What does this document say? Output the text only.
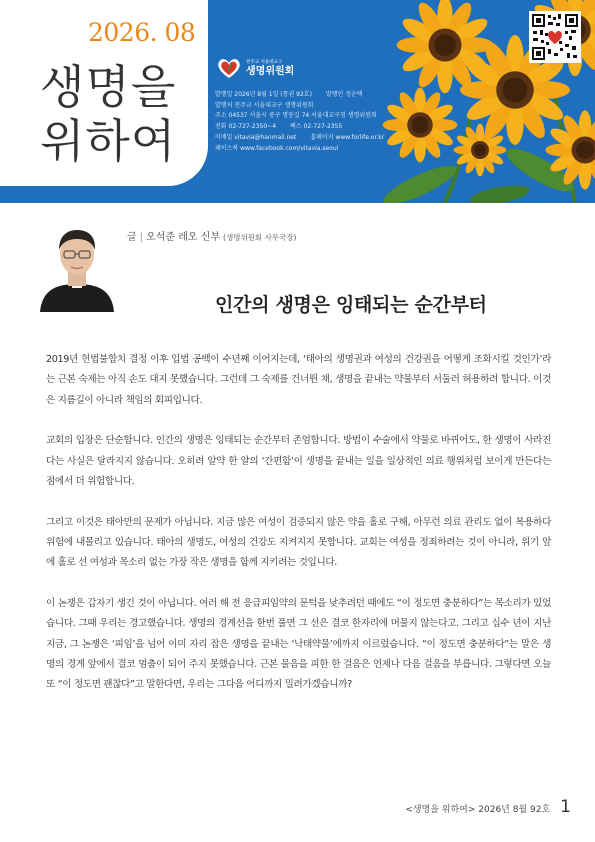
2026. 08
생명을
위하여
천주교 서울대교구
생명위원회
발행일 2026년 8월 1일 (통권 92호) 발행인 정순택
발행처 천주교 서울대교구 생명위원회
주소 04537 서울시 중구 명동길 74 서울대교구청 생명위원회
전화 02-727-2350~4 팩스 02-727-2355
이메일 vitavia@hanmail.net 홈페이지 www.forlife.or.kr
페이스북 www.facebook.com/vitavia.seoul
글 | 오석준 레오 신부 (생명위원회 사무국장)
인간의 생명은 잉태되는 순간부터

2019년 헌법불합치 결정 이후 입법 공백이 수년째 이어지는데, ‘태아의 생명권과 여성의 건강권을 어떻게 조화시킬 것인가’라는 근본 숙제는 아직 손도 대지 못했습니다. 그런데 그 숙제를 건너뛴 채, 생명을 끝내는 약물부터 서둘러 허용하려 합니다. 이것은 지름길이 아니라 책임의 회피입니다.

교회의 입장은 단순합니다. 인간의 생명은 잉태되는 순간부터 존엄합니다. 방법이 수술에서 약물로 바뀌어도, 한 생명이 사라진다는 사실은 달라지지 않습니다. 오히려 알약 한 알의 ‘간편함’이 생명을 끝내는 일을 일상적인 의료 행위처럼 보이게 만든다는 점에서 더 위험합니다.

그리고 이것은 태아만의 문제가 아닙니다. 지금 많은 여성이 검증되지 않은 약을 홀로 구해, 아무런 의료 관리도 없이 복용하다 위험에 내몰리고 있습니다. 태아의 생명도, 여성의 건강도 지켜지지 못합니다. 교회는 여성을 정죄하려는 것이 아니라, 위기 앞에 홀로 선 여성과 목소리 없는 가장 작은 생명을 함께 지키려는 것입니다.

이 논쟁은 갑자기 생긴 것이 아닙니다. 여러 해 전 응급피임약의 문턱을 낮추려던 때에도 “이 정도면 충분하다”는 목소리가 있었습니다. 그때 우리는 경고했습니다. 생명의 경계선을 한번 풀면 그 선은 결코 한자리에 머물지 않는다고. 그리고 십수 년이 지난 지금, 그 논쟁은 ‘피임’을 넘어 이미 자리 잡은 생명을 끝내는 ‘낙태약물’에까지 이르렀습니다. “이 정도면 충분하다”는 말은 생명의 경계 앞에서 결코 멈춤이 되어 주지 못했습니다. 근본 물음을 피한 한 걸음은 언제나 다음 걸음을 부릅니다. 그렇다면 오늘 또 “이 정도면 괜찮다”고 말한다면, 우리는 그다음 어디까지 밀려가겠습니까?

<생명을 위하여> 2026년 8월 92호 1
